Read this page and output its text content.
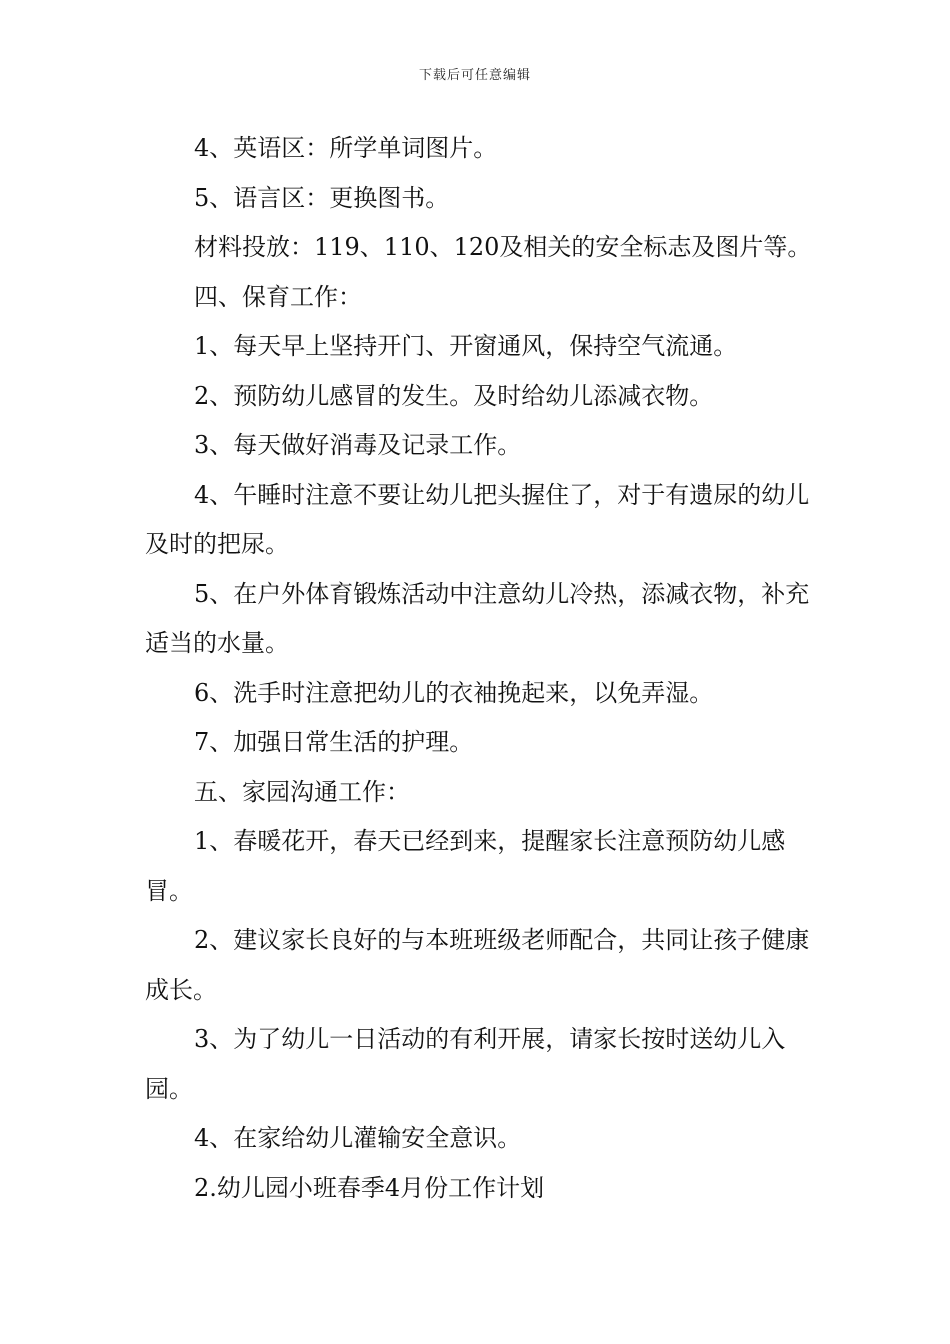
下载后可任意编辑

4、英语区：所学单词图片。

5、语言区：更换图书。

材料投放：119、110、120及相关的安全标志及图片等。

四、保育工作：

1、每天早上坚持开门、开窗通风，保持空气流通。

2、预防幼儿感冒的发生。及时给幼儿添减衣物。

3、每天做好消毒及记录工作。

4、午睡时注意不要让幼儿把头握住了，对于有遗尿的幼儿及时的把尿。

5、在户外体育锻炼活动中注意幼儿冷热，添减衣物，补充适当的水量。

6、洗手时注意把幼儿的衣袖挽起来，以免弄湿。

7、加强日常生活的护理。

五、家园沟通工作：

1、春暖花开，春天已经到来，提醒家长注意预防幼儿感冒。

2、建议家长良好的与本班班级老师配合，共同让孩子健康成长。

3、为了幼儿一日活动的有利开展，请家长按时送幼儿入园。

4、在家给幼儿灌输安全意识。

2.幼儿园小班春季4月份工作计划
